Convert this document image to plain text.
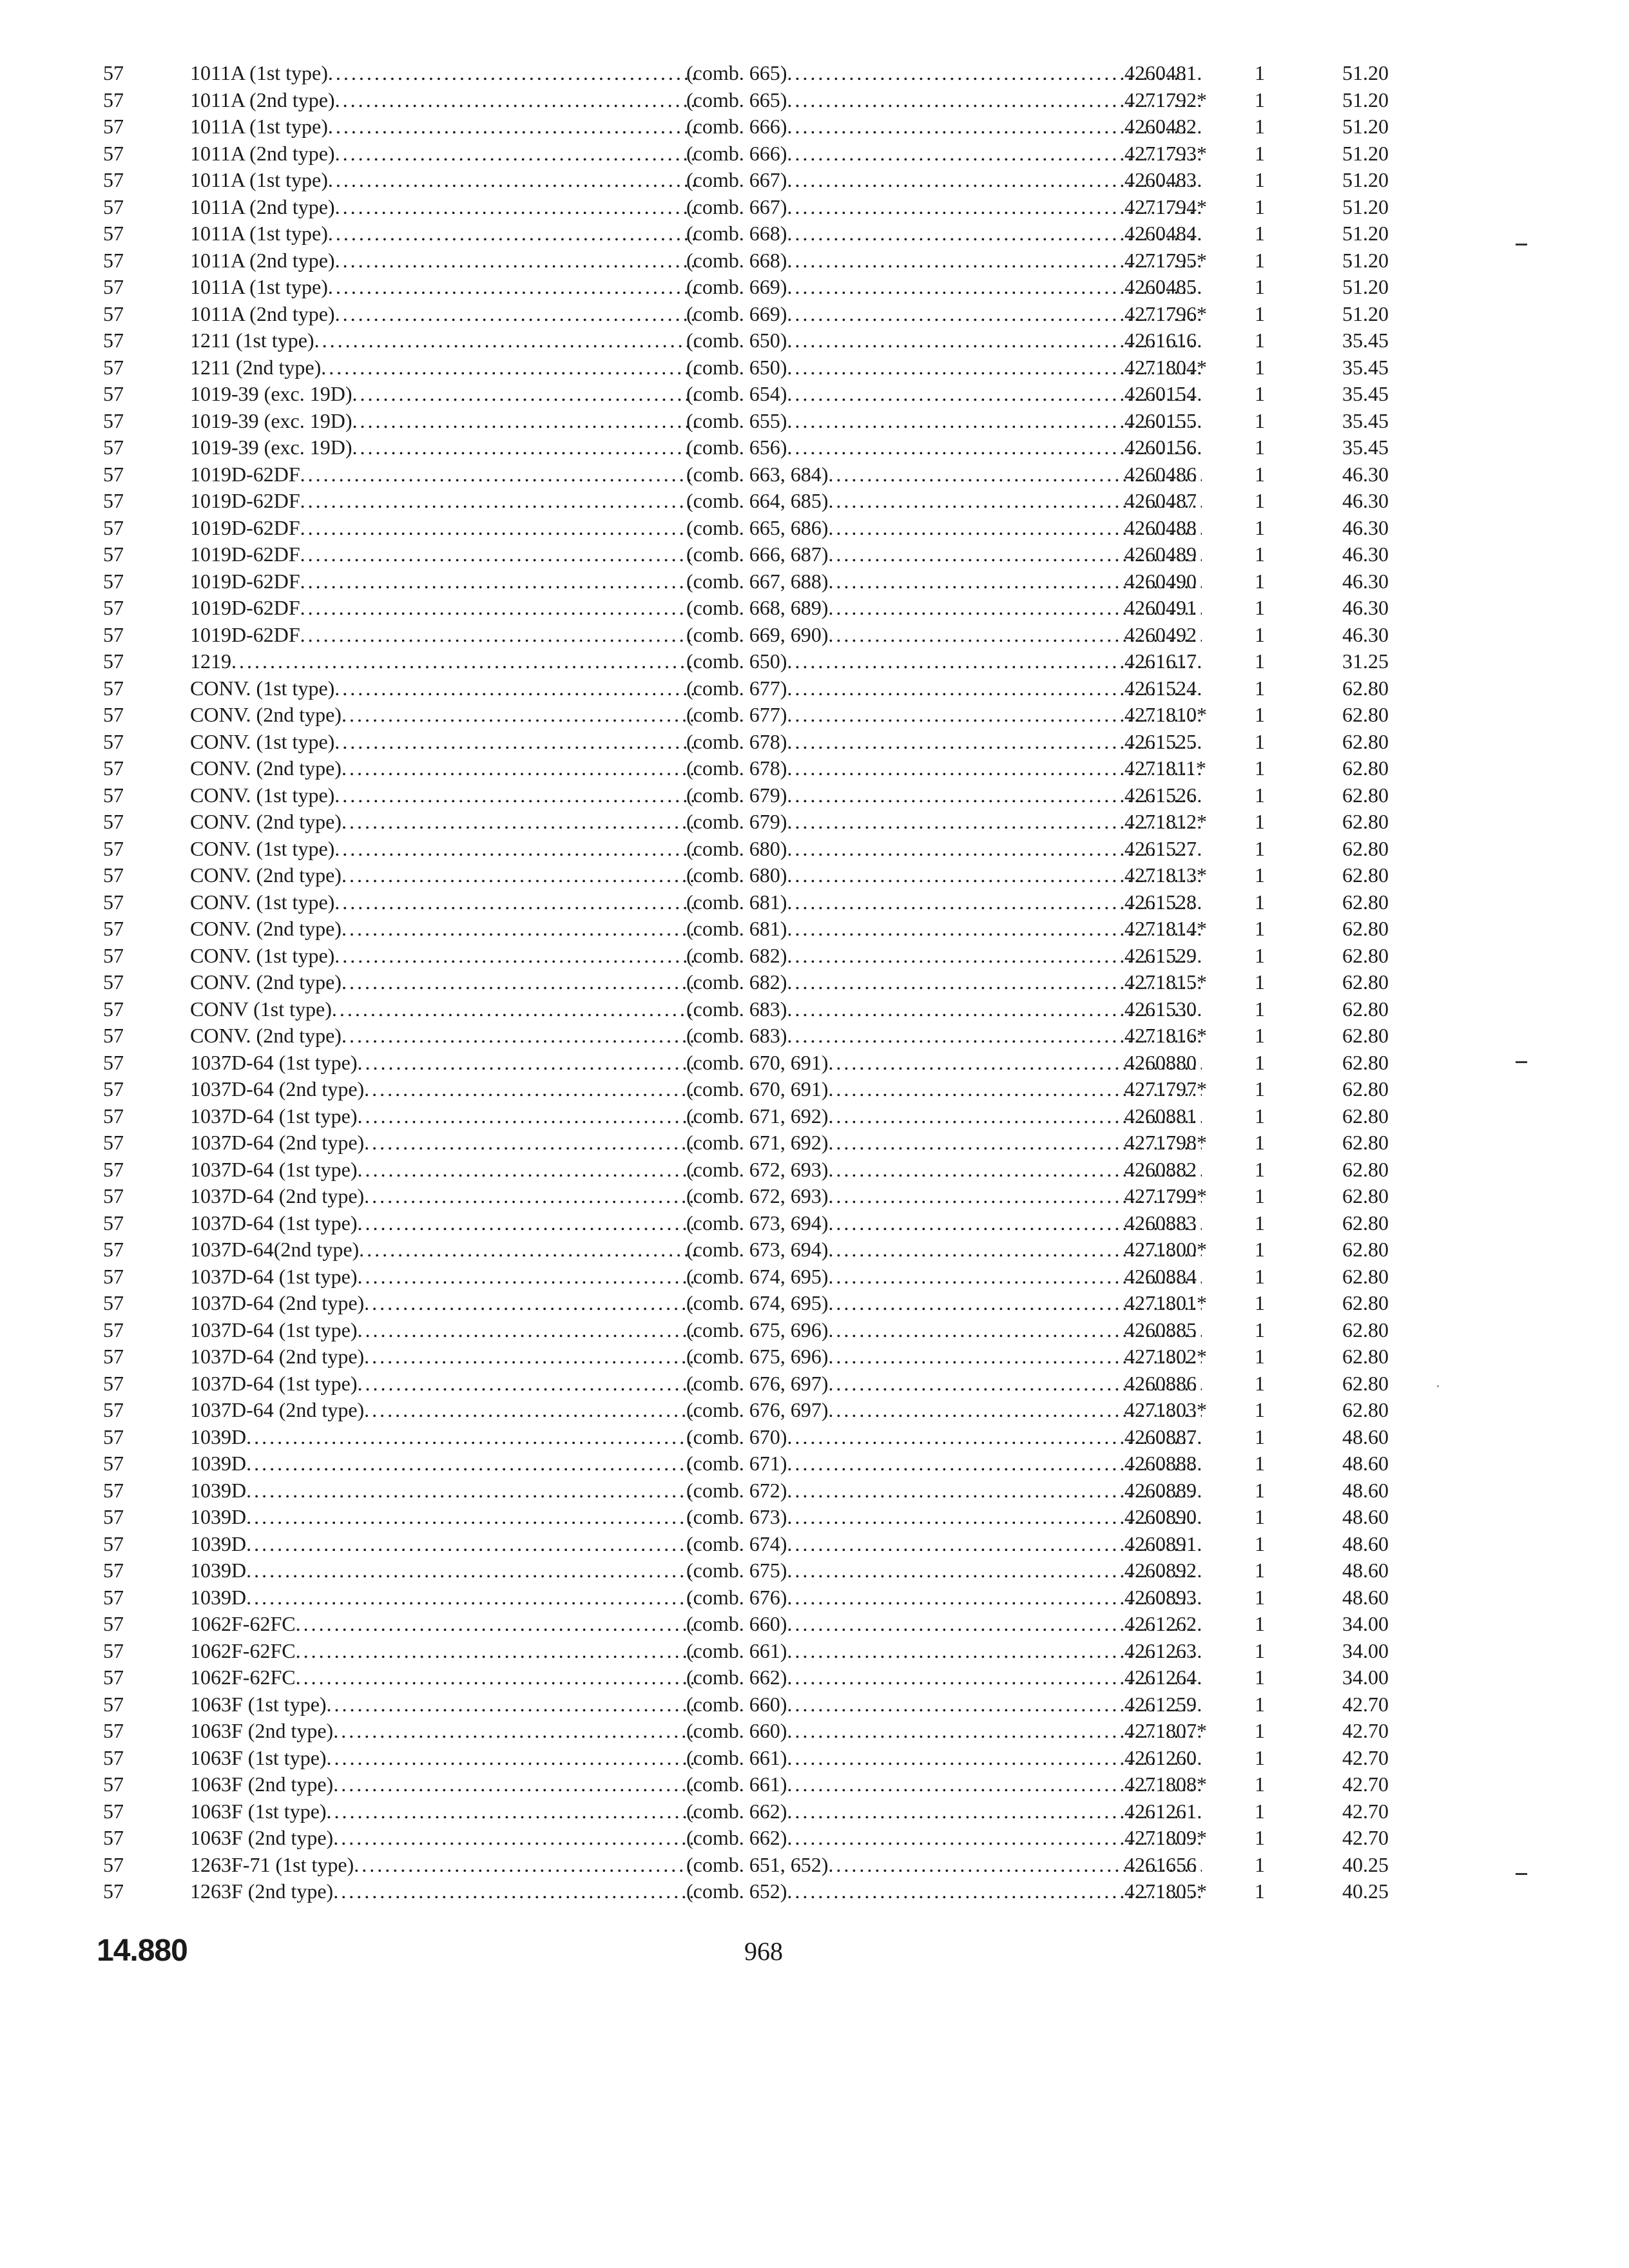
57	1011A (1st type) .....	(comb. 665) .....	4260481	1	51.20
57	1011A (2nd type) .....	(comb. 665) .....	4271792*	1	51.20
57	1011A (1st type) .....	(comb. 666) .....	4260482	1	51.20
57	1011A (2nd type) .....	(comb. 666) .....	4271793*	1	51.20
57	1011A (1st type) .....	(comb. 667) .....	4260483	1	51.20
57	1011A (2nd type) .....	(comb. 667) .....	4271794*	1	51.20
57	1011A (1st type) .....	(comb. 668) .....	4260484	1	51.20
57	1011A (2nd type) .....	(comb. 668) .....	4271795*	1	51.20
57	1011A (1st type) .....	(comb. 669) .....	4260485	1	51.20
57	1011A (2nd type) .....	(comb. 669) .....	4271796*	1	51.20
57	1211 (1st type) .....	(comb. 650) .....	4261616	1	35.45
57	1211 (2nd type) .....	(comb. 650) .....	4271804*	1	35.45
57	1019-39 (exc. 19D) .....	(comb. 654) .....	4260154	1	35.45
57	1019-39 (exc. 19D) .....	(comb. 655) .....	4260155	1	35.45
57	1019-39 (exc. 19D) .....	(comb. 656) .....	4260156	1	35.45
57	1019D-62DF .....	(comb. 663, 684) .....	4260486	1	46.30
57	1019D-62DF .....	(comb. 664, 685) .....	4260487	1	46.30
57	1019D-62DF .....	(comb. 665, 686) .....	4260488	1	46.30
57	1019D-62DF .....	(comb. 666, 687) .....	4260489	1	46.30
57	1019D-62DF .....	(comb. 667, 688) .....	4260490	1	46.30
57	1019D-62DF .....	(comb. 668, 689) .....	4260491	1	46.30
57	1019D-62DF .....	(comb. 669, 690) .....	4260492	1	46.30
57	1219 .....	(comb. 650) .....	4261617	1	31.25
57	CONV. (1st type) .....	(comb. 677) .....	4261524	1	62.80
57	CONV. (2nd type) .....	(comb. 677) .....	4271810*	1	62.80
57	CONV. (1st type) .....	(comb. 678) .....	4261525	1	62.80
57	CONV. (2nd type) .....	(comb. 678) .....	4271811*	1	62.80
57	CONV. (1st type) .....	(comb. 679) .....	4261526	1	62.80
57	CONV. (2nd type) .....	(comb. 679) .....	4271812*	1	62.80
57	CONV. (1st type) .....	(comb. 680) .....	4261527	1	62.80
57	CONV. (2nd type) .....	(comb. 680) .....	4271813*	1	62.80
57	CONV. (1st type) .....	(comb. 681) .....	4261528	1	62.80
57	CONV. (2nd type) .....	(comb. 681) .....	4271814*	1	62.80
57	CONV. (1st type) .....	(comb. 682) .....	4261529	1	62.80
57	CONV. (2nd type) .....	(comb. 682) .....	4271815*	1	62.80
57	CONV (1st type) .....	(comb. 683) .....	4261530	1	62.80
57	CONV. (2nd type) .....	(comb. 683) .....	4271816*	1	62.80
57	1037D-64 (1st type) .....	(comb. 670, 691) .....	4260880	1	62.80
57	1037D-64 (2nd type) .....	(comb. 670, 691) .....	4271797*	1	62.80
57	1037D-64 (1st type) .....	(comb. 671, 692) .....	4260881	1	62.80
57	1037D-64 (2nd type) .....	(comb. 671, 692) .....	4271798*	1	62.80
57	1037D-64 (1st type) .....	(comb. 672, 693) .....	4260882	1	62.80
57	1037D-64 (2nd type) .....	(comb. 672, 693) .....	4271799*	1	62.80
57	1037D-64 (1st type) .....	(comb. 673, 694) .....	4260883	1	62.80
57	1037D-64(2nd type) .....	(comb. 673, 694) .....	4271800*	1	62.80
57	1037D-64 (1st type) .....	(comb. 674, 695) .....	4260884	1	62.80
57	1037D-64 (2nd type) .....	(comb. 674, 695) .....	4271801*	1	62.80
57	1037D-64 (1st type) .....	(comb. 675, 696) .....	4260885	1	62.80
57	1037D-64 (2nd type) .....	(comb. 675, 696) .....	4271802*	1	62.80
57	1037D-64 (1st type) .....	(comb. 676, 697) .....	4260886	1	62.80
57	1037D-64 (2nd type) .....	(comb. 676, 697) .....	4271803*	1	62.80
57	1039D .....	(comb. 670) .....	4260887	1	48.60
57	1039D .....	(comb. 671) .....	4260888	1	48.60
57	1039D .....	(comb. 672) .....	4260889	1	48.60
57	1039D .....	(comb. 673) .....	4260890	1	48.60
57	1039D .....	(comb. 674) .....	4260891	1	48.60
57	1039D .....	(comb. 675) .....	4260892	1	48.60
57	1039D .....	(comb. 676) .....	4260893	1	48.60
57	1062F-62FC .....	(comb. 660) .....	4261262	1	34.00
57	1062F-62FC .....	(comb. 661) .....	4261263	1	34.00
57	1062F-62FC .....	(comb. 662) .....	4261264	1	34.00
57	1063F (1st type) .....	(comb. 660) .....	4261259	1	42.70
57	1063F (2nd type) .....	(comb. 660) .....	4271807*	1	42.70
57	1063F (1st type) .....	(comb. 661) .....	4261260	1	42.70
57	1063F (2nd type) .....	(comb. 661) .....	4271808*	1	42.70
57	1063F (1st type) .....	(comb. 662) .....	4261261	1	42.70
57	1063F (2nd type) .....	(comb. 662) .....	4271809*	1	42.70
57	1263F-71 (1st type) .....	(comb. 651, 652) .....	4261656	1	40.25
57	1263F (2nd type) .....	(comb. 652) .....	4271805*	1	40.25
14.880	968
